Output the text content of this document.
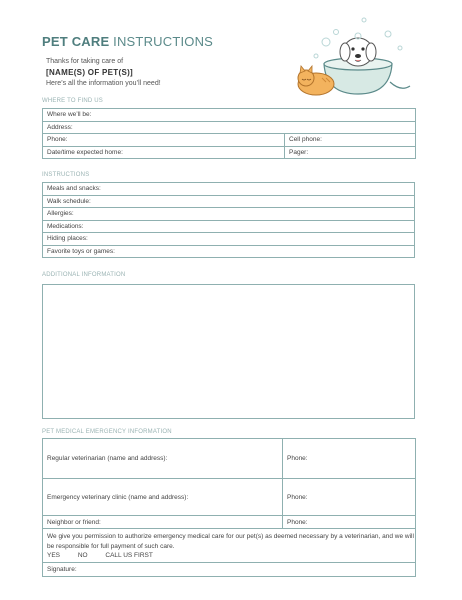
PET CARE INSTRUCTIONS
Thanks for taking care of
[NAME(S) OF PET(S)]
Here’s all the information you’ll need!
WHERE TO FIND US
Where we’ll be:	
Address:	
Phone:	Cell phone:
Date/time expected home:	Pager:
INSTRUCTIONS
Meals and snacks:
Walk schedule:
Allergies:
Medications:
Hiding places:
Favorite toys or games:
ADDITIONAL INFORMATION
PET MEDICAL EMERGENCY INFORMATION
Regular veterinarian (name and address):	Phone:
Emergency veterinary clinic (name and address):	Phone:
Neighbor or friend:	Phone:

We give you permission to authorize emergency medical care for our pet(s) as deemed necessary by a veterinarian, and we will be responsible for full payment of such care.
YES NO CALL US FIRST	

Signature:	
